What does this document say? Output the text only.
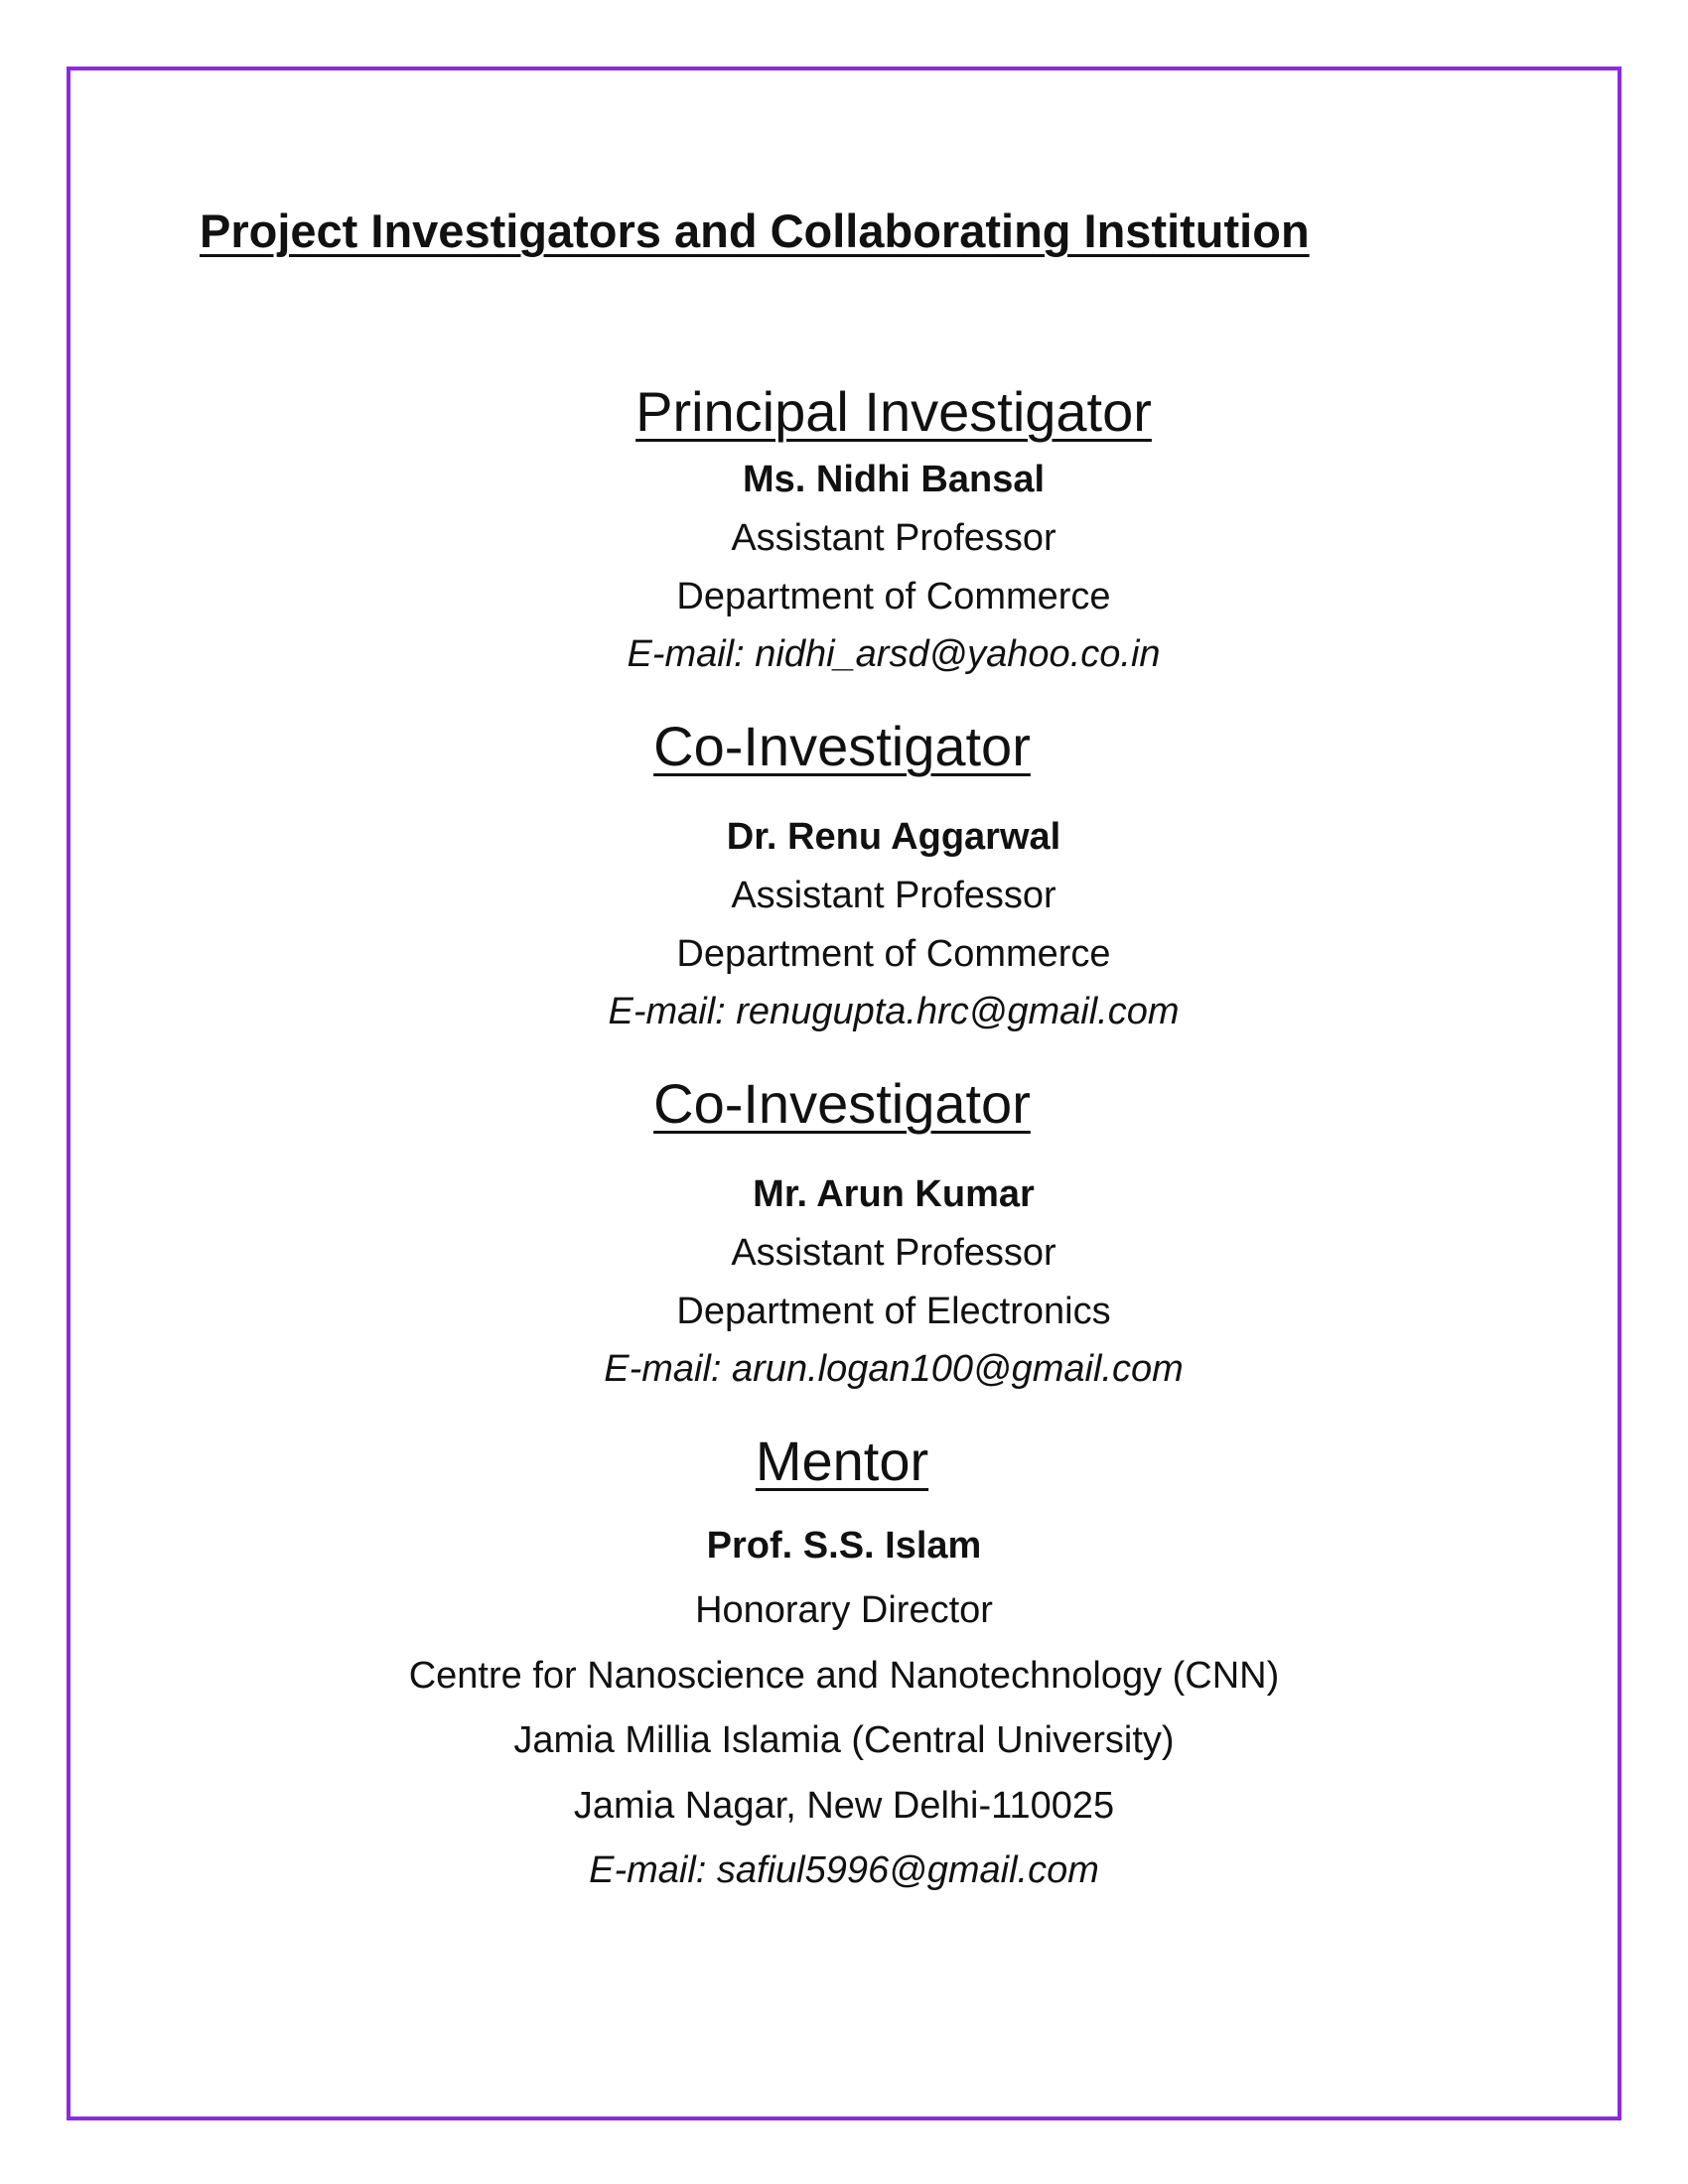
Project Investigators and Collaborating Institution
Principal Investigator

Ms. Nidhi Bansal

Assistant Professor

Department of Commerce

E-mail: nidhi_arsd@yahoo.co.in

Co-Investigator

Dr. Renu Aggarwal

Assistant Professor

Department of Commerce

E-mail: renugupta.hrc@gmail.com

Co-Investigator

Mr. Arun Kumar

Assistant Professor

Department of Electronics

E-mail: arun.logan100@gmail.com

Mentor

Prof. S.S. Islam

Honorary Director

Centre for Nanoscience and Nanotechnology (CNN)

Jamia Millia Islamia (Central University)

Jamia Nagar, New Delhi-110025

E-mail: safiul5996@gmail.com
